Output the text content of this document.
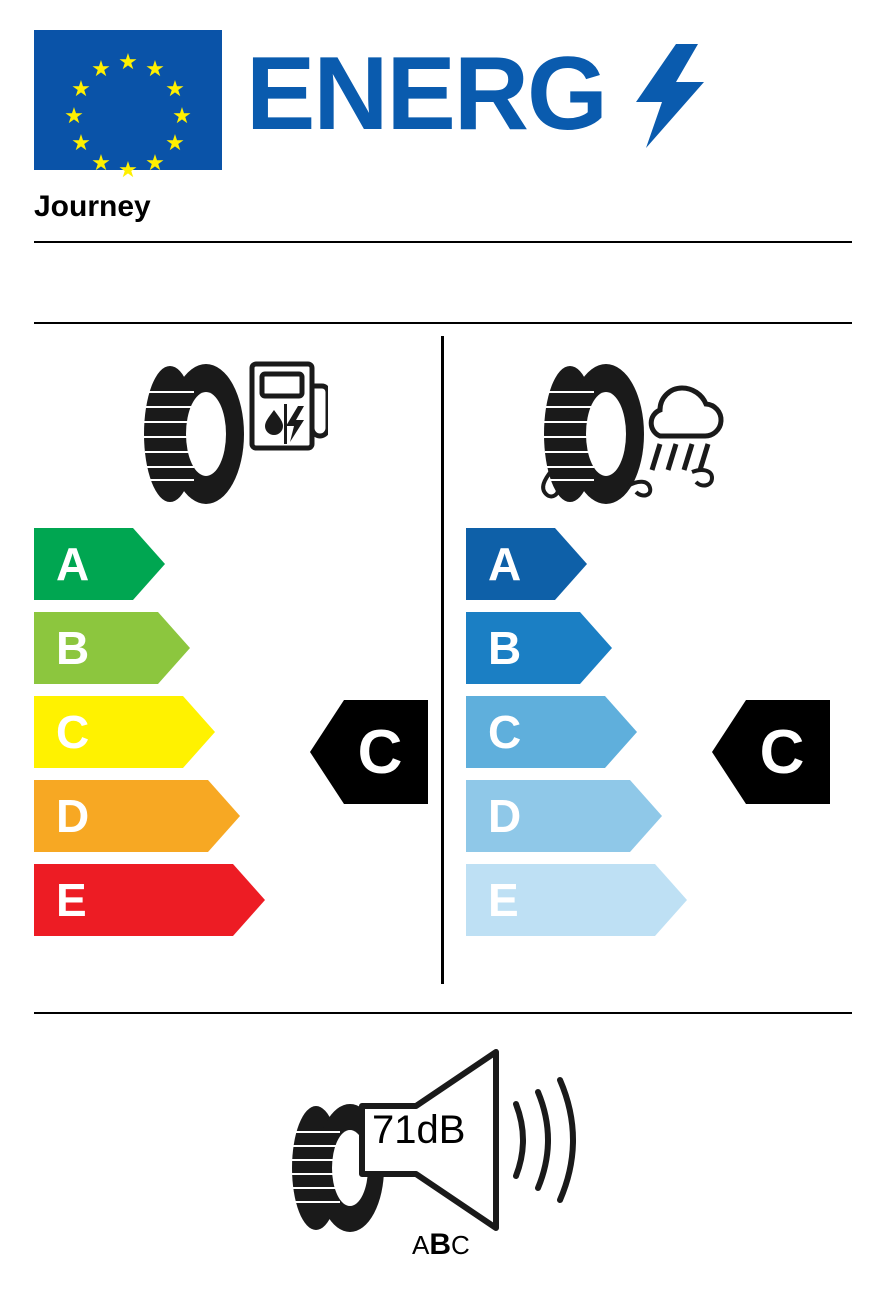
★ ★
★
★
★
★
★
★
★
★
★
★ ENERG
Journey
A
B
C
D
E
C
A
B
C
D
E
C
71dB
ABC
